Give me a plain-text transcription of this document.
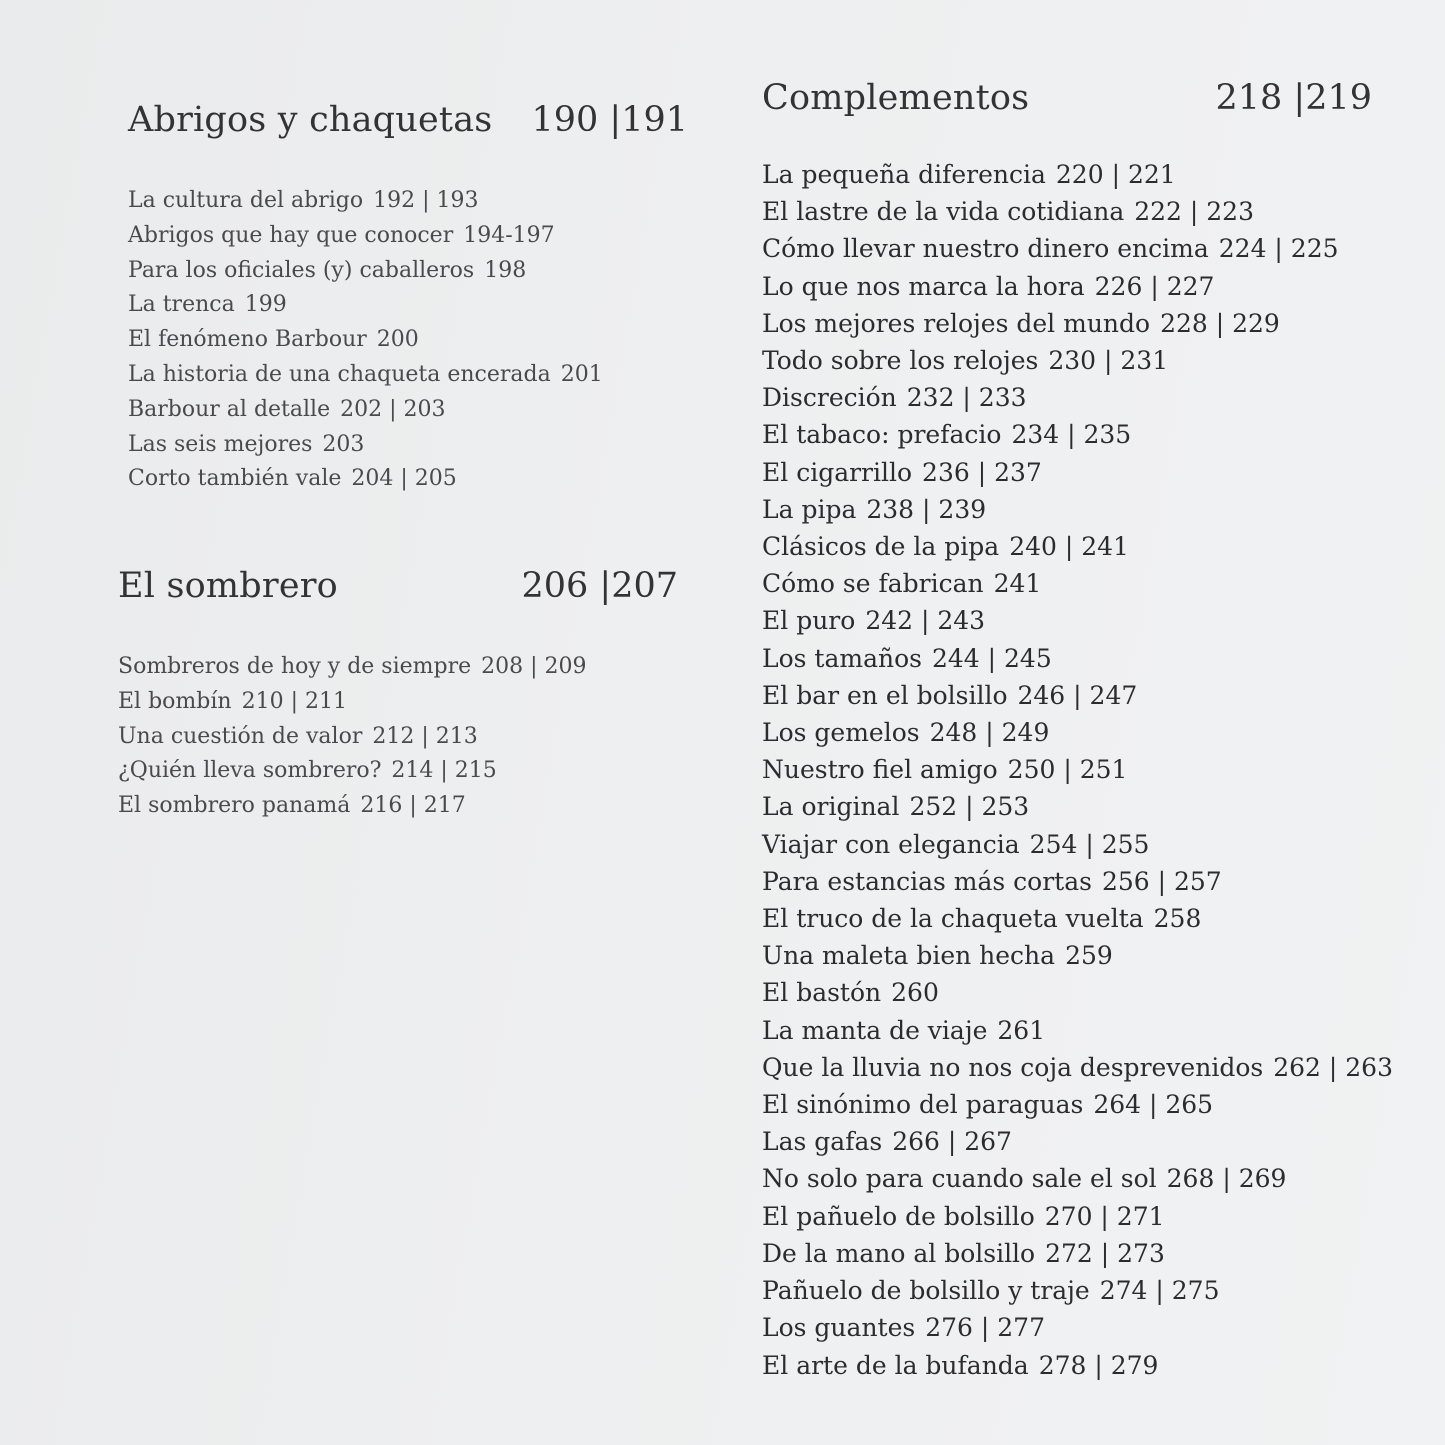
Abrigos y chaquetas 190 |191
La cultura del abrigo 192 | 193
Abrigos que hay que conocer 194-197
Para los oficiales (y) caballeros 198
La trenca 199
El fenómeno Barbour 200
La historia de una chaqueta encerada 201
Barbour al detalle 202 | 203
Las seis mejores 203
Corto también vale 204 | 205
El sombrero	206 |207
Sombreros de hoy y de siempre 208 | 209
El bombín 210 | 211
Una cuestión de valor 212 | 213
¿Quién lleva sombrero? 214 | 215
El sombrero panamá 216 | 217
Complementos	218 |219
La pequeña diferencia 220 | 221
El lastre de la vida cotidiana 222 | 223
Cómo llevar nuestro dinero encima 224 | 225
Lo que nos marca la hora 226 | 227
Los mejores relojes del mundo 228 | 229
Todo sobre los relojes 230 | 231
Discreción 232 | 233
El tabaco: prefacio 234 | 235
El cigarrillo 236 | 237
La pipa 238 | 239
Clásicos de la pipa 240 | 241
Cómo se fabrican 241
El puro 242 | 243
Los tamaños 244 | 245
El bar en el bolsillo 246 | 247
Los gemelos 248 | 249
Nuestro fiel amigo 250 | 251
La original 252 | 253
Viajar con elegancia 254 | 255
Para estancias más cortas 256 | 257
El truco de la chaqueta vuelta 258
Una maleta bien hecha 259
El bastón 260
La manta de viaje 261
Que la lluvia no nos coja desprevenidos 262 | 263
El sinónimo del paraguas 264 | 265
Las gafas 266 | 267
No solo para cuando sale el sol 268 | 269
El pañuelo de bolsillo 270 | 271
De la mano al bolsillo 272 | 273
Pañuelo de bolsillo y traje 274 | 275
Los guantes 276 | 277
El arte de la bufanda 278 | 279
